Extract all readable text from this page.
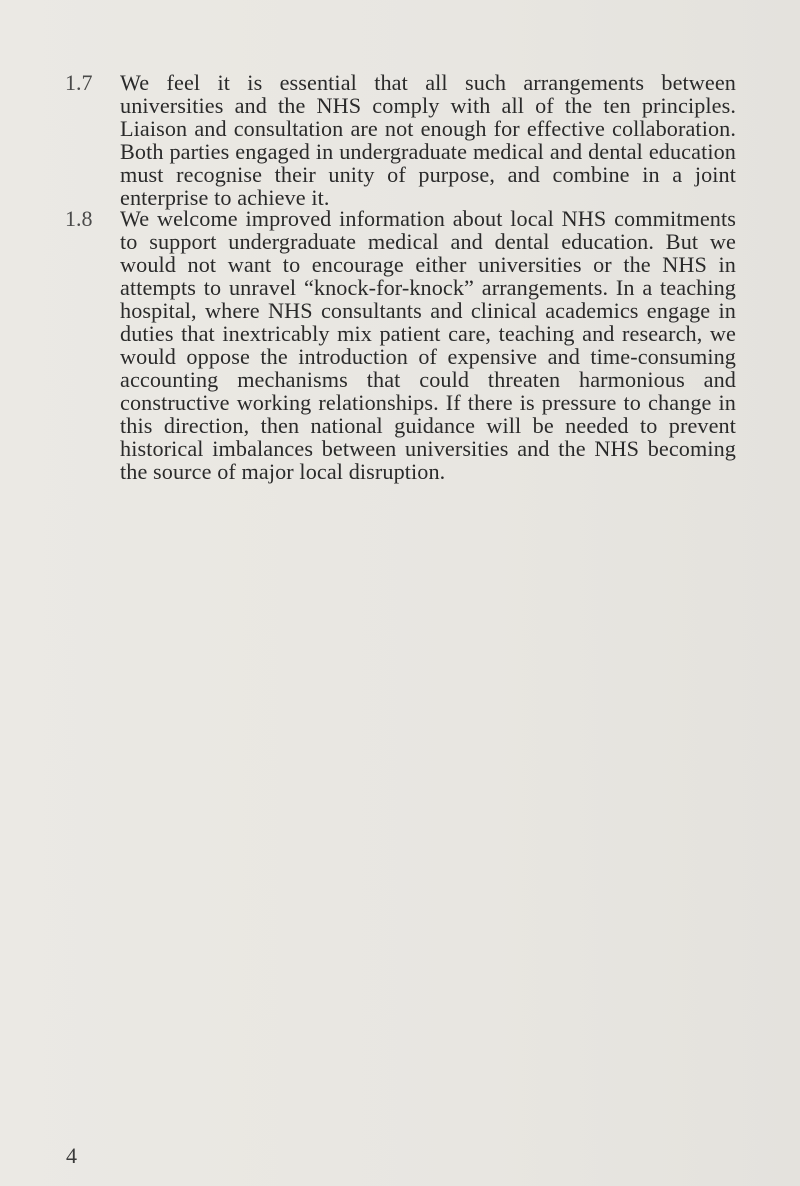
1.7 We feel it is essential that all such arrangements between universities and the NHS comply with all of the ten principles. Liaison and consultation are not enough for effective collaboration. Both parties engaged in undergraduate medical and dental education must recognise their unity of purpose, and combine in a joint enterprise to achieve it.
1.8 We welcome improved information about local NHS commitments to support undergraduate medical and dental education. But we would not want to encourage either universities or the NHS in attempts to unravel “knock-for-knock” arrangements. In a teaching hospital, where NHS consultants and clinical academics engage in duties that inextricably mix patient care, teaching and research, we would oppose the introduction of expensive and time-consuming accounting mechanisms that could threaten harmonious and constructive working relationships. If there is pressure to change in this direction, then national guidance will be needed to prevent historical imbalances between universities and the NHS becoming the source of major local disruption.
4
